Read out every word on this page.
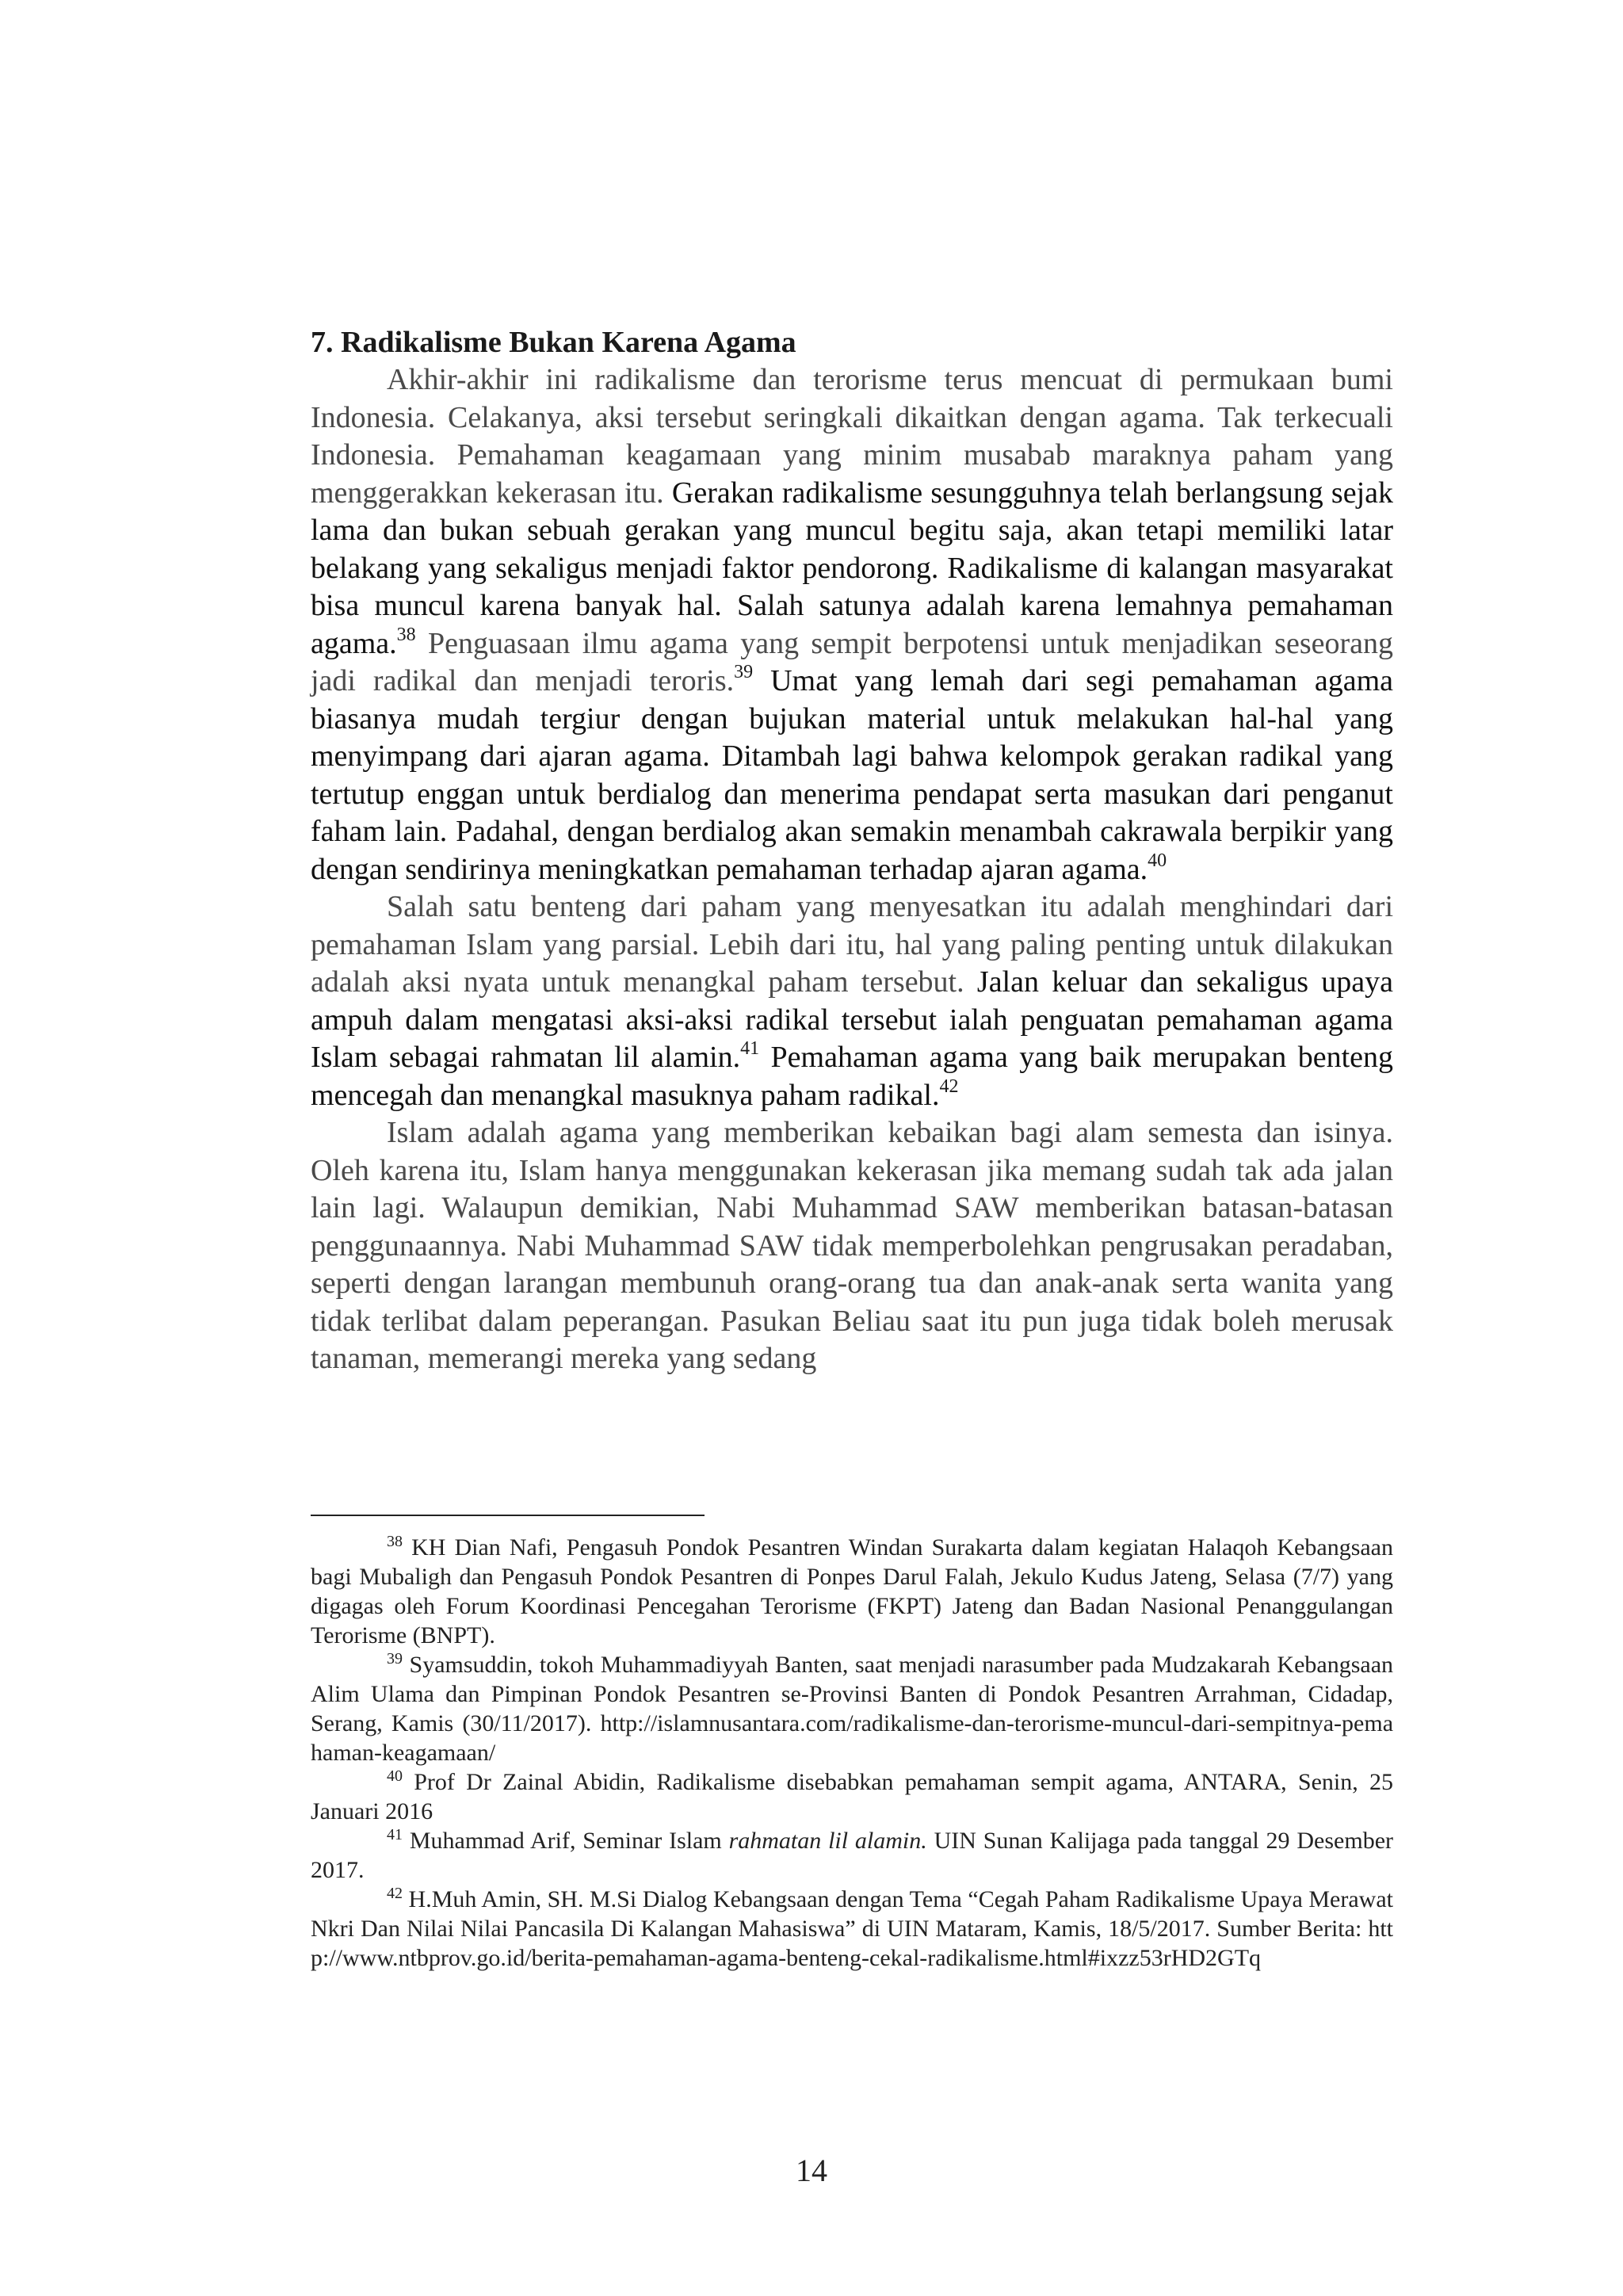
7. Radikalisme Bukan Karena Agama

Akhir-akhir ini radikalisme dan terorisme terus mencuat di permukaan bumi Indonesia. Celakanya, aksi tersebut seringkali dikaitkan dengan agama. Tak terkecuali Indonesia. Pemahaman keagamaan yang minim musabab maraknya paham yang menggerakkan kekerasan itu. Gerakan radikalisme sesungguhnya telah berlangsung sejak lama dan bukan sebuah gerakan yang muncul begitu saja, akan tetapi memiliki latar belakang yang sekaligus menjadi faktor pendorong. Radikalisme di kalangan masyarakat bisa muncul karena banyak hal. Salah satunya adalah karena lemahnya pemahaman agama.$^{38}$ Penguasaan ilmu agama yang sempit berpotensi untuk menjadikan seseorang jadi radikal dan menjadi teroris.$^{39}$ Umat yang lemah dari segi pemahaman agama biasanya mudah tergiur dengan bujukan material untuk melakukan hal-hal yang menyimpang dari ajaran agama. Ditambah lagi bahwa kelompok gerakan radikal yang tertutup enggan untuk berdialog dan menerima pendapat serta masukan dari penganut faham lain. Padahal, dengan berdialog akan semakin menambah cakrawala berpikir yang dengan sendirinya meningkatkan pemahaman terhadap ajaran agama.$^{40}$

Salah satu benteng dari paham yang menyesatkan itu adalah menghindari dari pemahaman Islam yang parsial. Lebih dari itu, hal yang paling penting untuk dilakukan adalah aksi nyata untuk menangkal paham tersebut. Jalan keluar dan sekaligus upaya ampuh dalam mengatasi aksi-aksi radikal tersebut ialah penguatan pemahaman agama Islam sebagai rahmatan lil alamin.$^{41}$ Pemahaman agama yang baik merupakan benteng mencegah dan menangkal masuknya paham radikal.$^{42}$

Islam adalah agama yang memberikan kebaikan bagi alam semesta dan isinya. Oleh karena itu, Islam hanya menggunakan kekerasan jika memang sudah tak ada jalan lain lagi. Walaupun demikian, Nabi Muhammad SAW memberikan batasan-batasan penggunaannya. Nabi Muhammad SAW tidak memperbolehkan pengrusakan peradaban, seperti dengan larangan membunuh orang-orang tua dan anak-anak serta wanita yang tidak terlibat dalam peperangan. Pasukan Beliau saat itu pun juga tidak boleh merusak tanaman, memerangi mereka yang sedang

$^{38}$ KH Dian Nafi, Pengasuh Pondok Pesantren Windan Surakarta dalam kegiatan Halaqoh Kebangsaan bagi Mubaligh dan Pengasuh Pondok Pesantren di Ponpes Darul Falah, Jekulo Kudus Jateng, Selasa (7/7) yang digagas oleh Forum Koordinasi Pencegahan Terorisme (FKPT) Jateng dan Badan Nasional Penanggulangan Terorisme (BNPT).

$^{39}$ Syamsuddin, tokoh Muhammadiyyah Banten, saat menjadi narasumber pada Mudzakarah Kebangsaan Alim Ulama dan Pimpinan Pondok Pesantren se-Provinsi Banten di Pondok Pesantren Arrahman, Cidadap, Serang, Kamis (30/11/2017). http://islamnusantara.com/radikalisme-dan-terorisme-muncul-dari-sempitnya-pemahaman-keagamaan/

$^{40}$ Prof Dr Zainal Abidin, Radikalisme disebabkan pemahaman sempit agama, ANTARA, Senin, 25 Januari 2016

$^{41}$ Muhammad Arif, Seminar Islam rahmatan lil alamin. UIN Sunan Kalijaga pada tanggal 29 Desember 2017.

$^{42}$ H.Muh Amin, SH. M.Si Dialog Kebangsaan dengan Tema “Cegah Paham Radikalisme Upaya Merawat Nkri Dan Nilai Nilai Pancasila Di Kalangan Mahasiswa” di UIN Mataram, Kamis, 18/5/2017. Sumber Berita: http://www.ntbprov.go.id/berita-pemahaman-agama-benteng-cekal-radikalisme.html#ixzz53rHD2GTq

14
